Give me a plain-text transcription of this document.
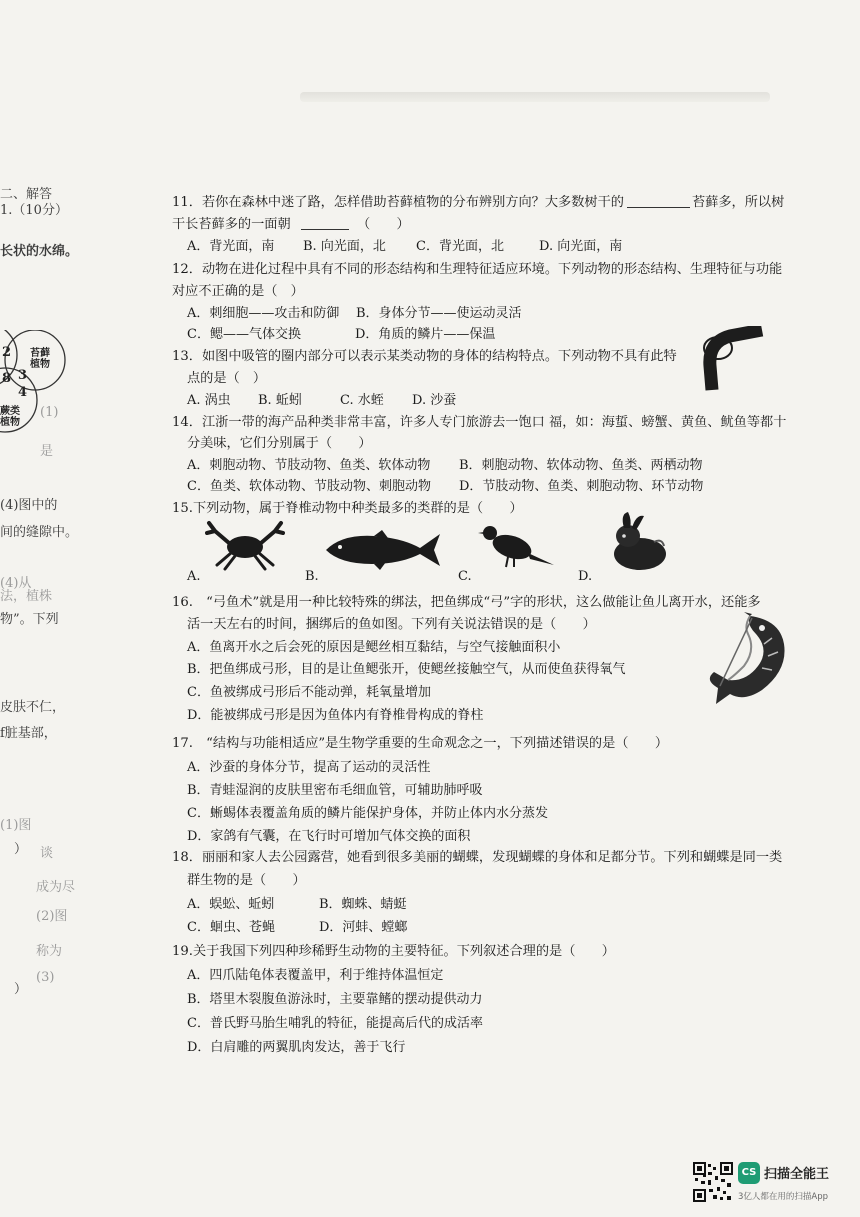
二、解答
1.（10分）
长状的水绵。
2 苔藓植物
3
8
4
蕨类植物
(1)
是
(4)图中的
间的缝隙中。
(4)从
法，植株
物”。下列
皮肤不仁，
f脏基部，
(1)图
） 谈
成为尽
(2)图
称为
(3)
）
11．若你在森林中迷了路，怎样借助苔藓植物的分布辨别方向？大多数树干的	苔藓多，所以树
干长苔藓多的一面朝	（　　）
A．背光面，南 B. 向光面，北 C．背光面，北	D. 向光面，南
12．动物在进化过程中具有不同的形态结构和生理特征适应环境。下列动物的形态结构、生理特征与功能
对应不正确的是（　）
A．刺细胞——攻击和防御 B．身体分节——使运动灵活
C．鳃——气体交换	D．角质的鳞片——保温
13．如图中吸管的圈内部分可以表示某类动物的身体的结构特点。下列动物不具有此特
点的是（　）
A. 涡虫 B. 蚯蚓	C. 水蛭 D. 沙蚕
14．江浙一带的海产品种类非常丰富，许多人专门旅游去一饱口 福，如：海蜇、螃蟹、黄鱼、鱿鱼等都十
分美味，它们分别属于（　　）
A．刺胞动物、节肢动物、鱼类、软体动物 B．刺胞动物、软体动物、鱼类、两栖动物
C．鱼类、软体动物、节肢动物、刺胞动物 D．节肢动物、鱼类、刺胞动物、环节动物
15.下列动物，属于脊椎动物中种类最多的类群的是（　　）
A.	B.	C.	D.
16.　“弓鱼术”就是用一种比较特殊的绑法，把鱼绑成“弓”字的形状，这么做能让鱼儿离开水，还能多
活一天左右的时间，捆绑后的鱼如图。下列有关说法错误的是（　　）
A．鱼离开水之后会死的原因是鳃丝相互黏结，与空气接触面积小
B．把鱼绑成弓形，目的是让鱼鳃张开，使鳃丝接触空气，从而使鱼获得氧气
C．鱼被绑成弓形后不能动弹，耗氧量增加
D．能被绑成弓形是因为鱼体内有脊椎骨构成的脊柱
17.　“结构与功能相适应”是生物学重要的生命观念之一，下列描述错误的是（　　）
A．沙蚕的身体分节，提高了运动的灵活性
B．青蛙湿润的皮肤里密布毛细血管，可辅助肺呼吸
C．蜥蜴体表覆盖角质的鳞片能保护身体，并防止体内水分蒸发
D．家鸽有气囊，在飞行时可增加气体交换的面积
18．丽丽和家人去公园露营，她看到很多美丽的蝴蝶，发现蝴蝶的身体和足都分节。下列和蝴蝶是同一类
群生物的是（　　）
A．蜈蚣、蚯蚓	B．蜘蛛、蜻蜓
C．蛔虫、苍蝇	D．河蚌、螳螂
19.关于我国下列四种珍稀野生动物的主要特征。下列叙述合理的是（　　）
A．四爪陆龟体表覆盖甲，利于维持体温恒定
B．塔里木裂腹鱼游泳时，主要靠鳍的摆动提供动力
C．普氏野马胎生哺乳的特征，能提高后代的成活率
D．白肩雕的两翼肌肉发达，善于飞行
CS 扫描全能王
3亿人都在用的扫描App
